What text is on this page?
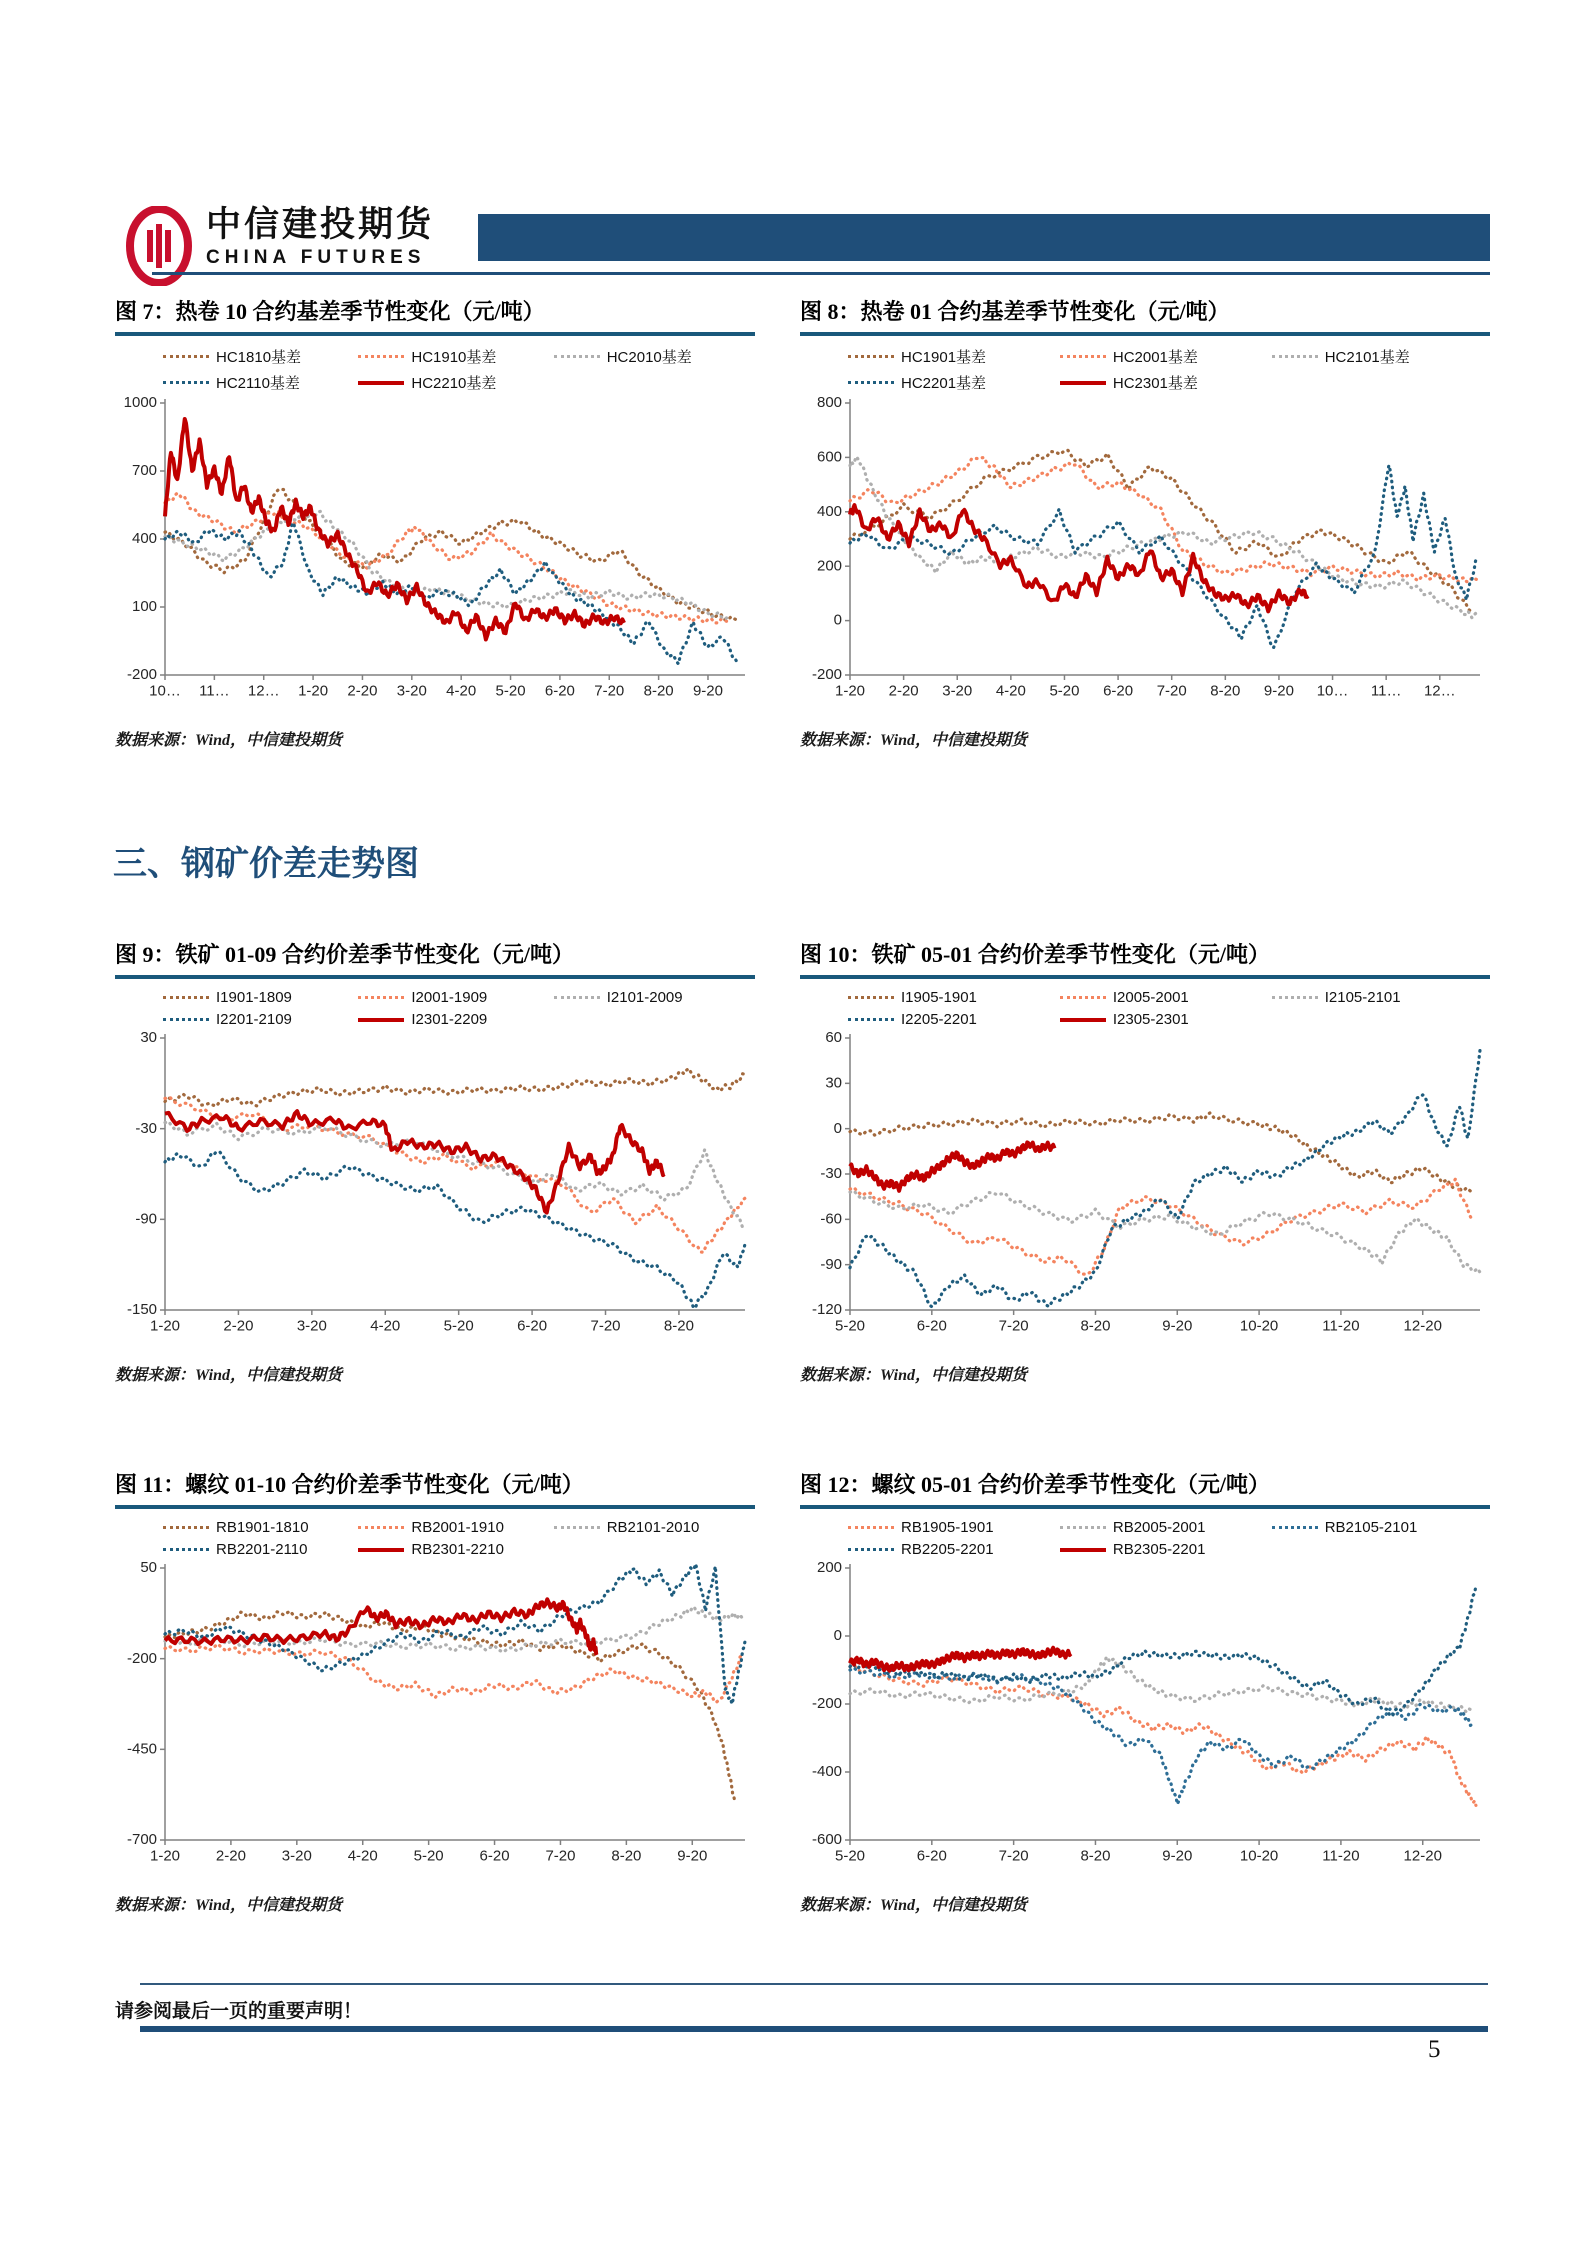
中信建投期货
CHINA FUTURES
图 7：热卷 10 合约基差季节性变化（元/吨）
HC1810基差	HC1910基差	HC2010基差
HC2110基差	HC2210基差
数据来源：Wind，中信建投期货
图 8：热卷 01 合约基差季节性变化（元/吨）
HC1901基差	HC2001基差	HC2101基差
HC2201基差	HC2301基差
数据来源：Wind，中信建投期货
三、钢矿价差走势图
图 9：铁矿 01-09 合约价差季节性变化（元/吨）
I1901-1809	I2001-1909	I2101-2009
I2201-2109	I2301-2209
数据来源：Wind，中信建投期货
图 10：铁矿 05-01 合约价差季节性变化（元/吨）
I1905-1901	I2005-2001	I2105-2101
I2205-2201	I2305-2301
数据来源：Wind，中信建投期货
图 11：螺纹 01-10 合约价差季节性变化（元/吨）
RB1901-1810	RB2001-1910	RB2101-2010
RB2201-2110	RB2301-2210
数据来源：Wind，中信建投期货
图 12：螺纹 05-01 合约价差季节性变化（元/吨）
RB1905-1901	RB2005-2001	RB2105-2101
RB2205-2201	RB2305-2201
数据来源：Wind，中信建投期货
请参阅最后一页的重要声明！
5
